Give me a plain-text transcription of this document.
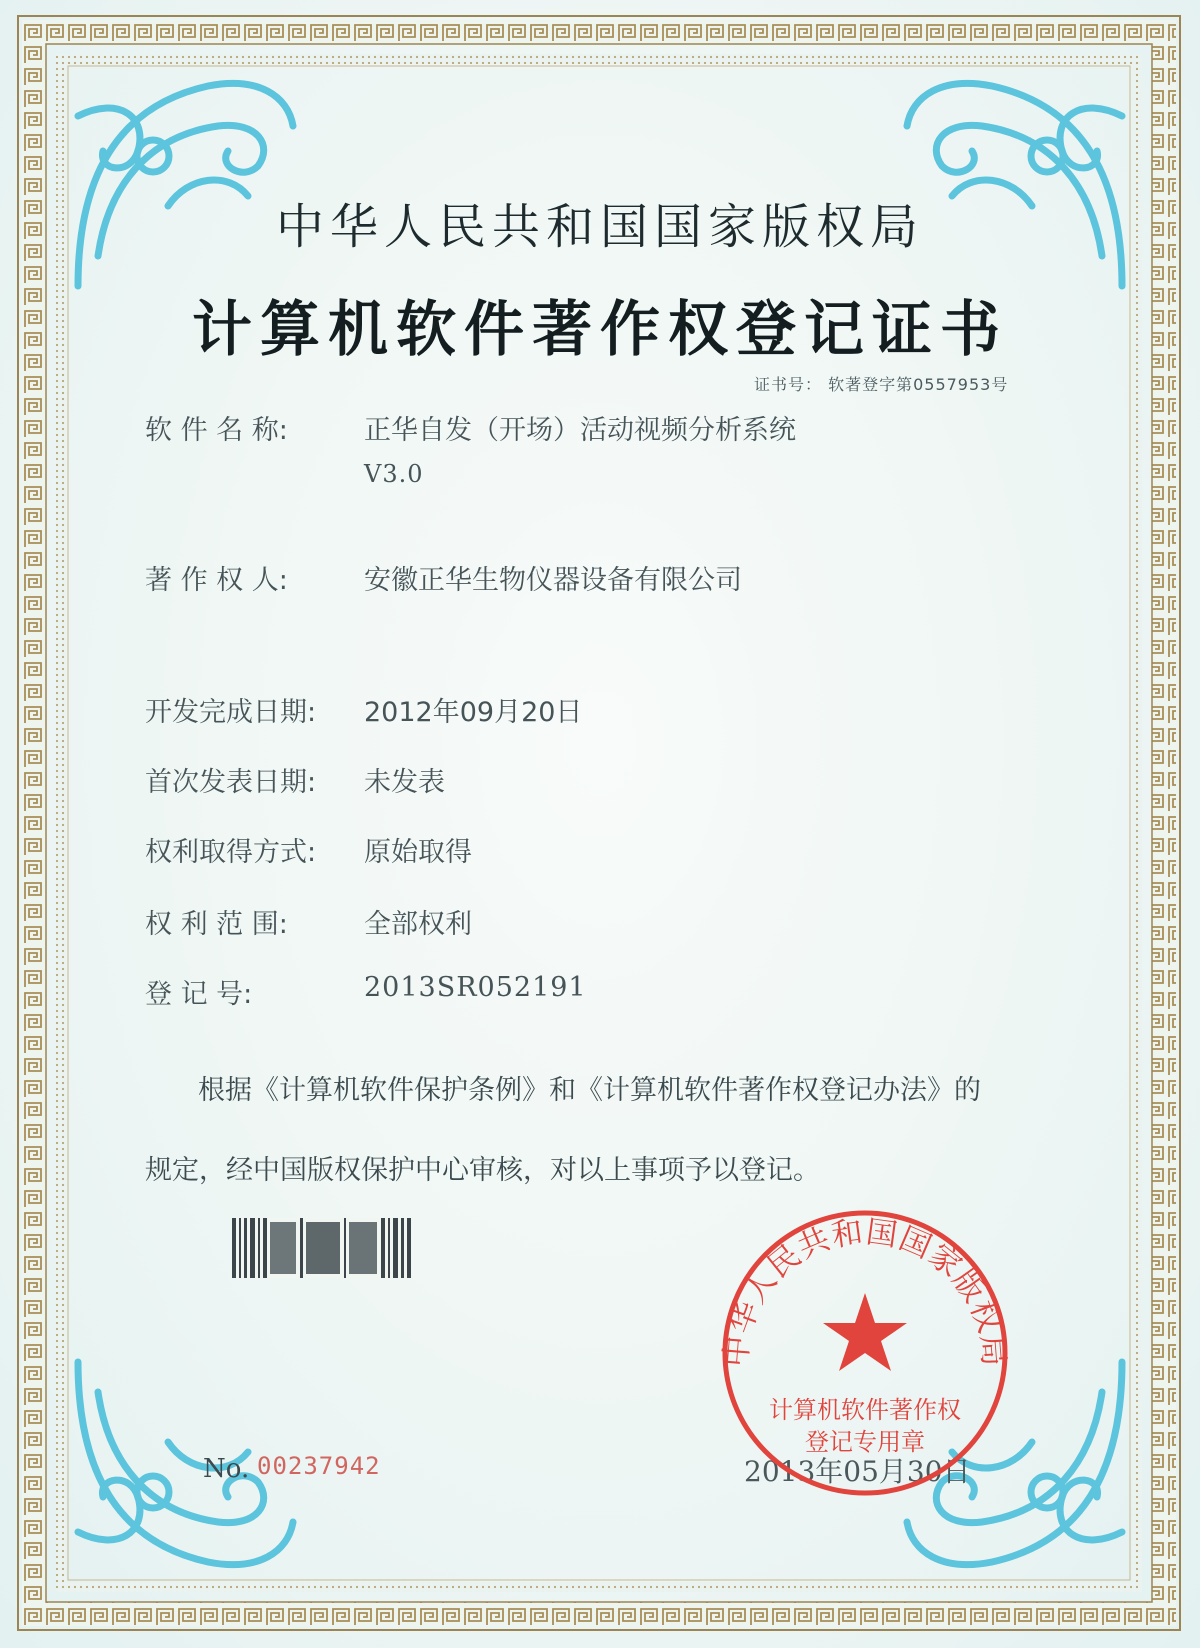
中华人民共和国国家版权局
计算机软件著作权登记证书
证书号： 软著登字第0557953号
软 件 名 称:	正华自发（开场）活动视频分析系统
V3.0
著 作 权 人:	安徽正华生物仪器设备有限公司
开发完成日期: 2012年09月20日
首次发表日期: 未发表
权利取得方式: 原始取得
权 利 范 围:	全部权利
登 记 号:	2013SR052191
根据《计算机软件保护条例》和《计算机软件著作权登记办法》的
规定，经中国版权保护中心审核，对以上事项予以登记。
No. 00237942	2013年05月30日
中华人民共和国国家版权局
计算机软件著作权
登记专用章
